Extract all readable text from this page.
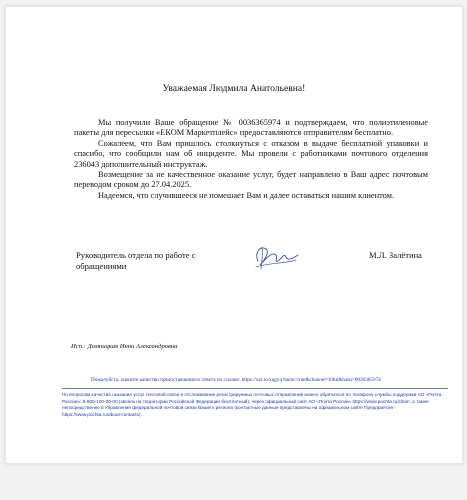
Уважаемая Людмила Анатольевна!

Мы получили Ваше обращение № 0036365974 и подтверждаем, что полиэтиленовые пакеты для пересылки «ЕКОМ Маркетплейс» предоставляются отправителям бесплатно.

Сожалеем, что Вам пришлось столкнуться с отказом в выдаче бесплатной упаковки и спасибо, что сообщили нам об инциденте. Мы провели с работниками почтового отделения 236043 дополнительный инструктаж.

Возмещение за не качественное оказание услуг, будет направлено в Ваш адрес почтовым переводом сроком до 27.04.2025.

Надеемся, что случившееся не помешает Вам и далее оставаться нашим клиентом.

Руководитель отдела по работе с обращениями
М.Л. Залётина
Исп.: Домницкая Инна Александровна
Пожалуйста, оцените качество предоставленного ответа по ссылке: https://ozr.io/xqgyq?anon=true&channel=Sibit&hash=0036365974
По вопросам качества оказания услуг почтовой связи и отслеживания регистрируемых почтовых отправлений можно обратиться по телефону службы поддержки АО «Почта России»: 8-800-100-00-00 (звонок на территории Российской Федерации бесплатный), через официальный сайт АО «Почта России» https://www.pochta.ru/claim, а также непосредственно в Управление федеральной почтовой связи Вашего региона (контактные данные представлены на официальном сайте Предприятия - https://www.pochta.ru/about-contacts).
